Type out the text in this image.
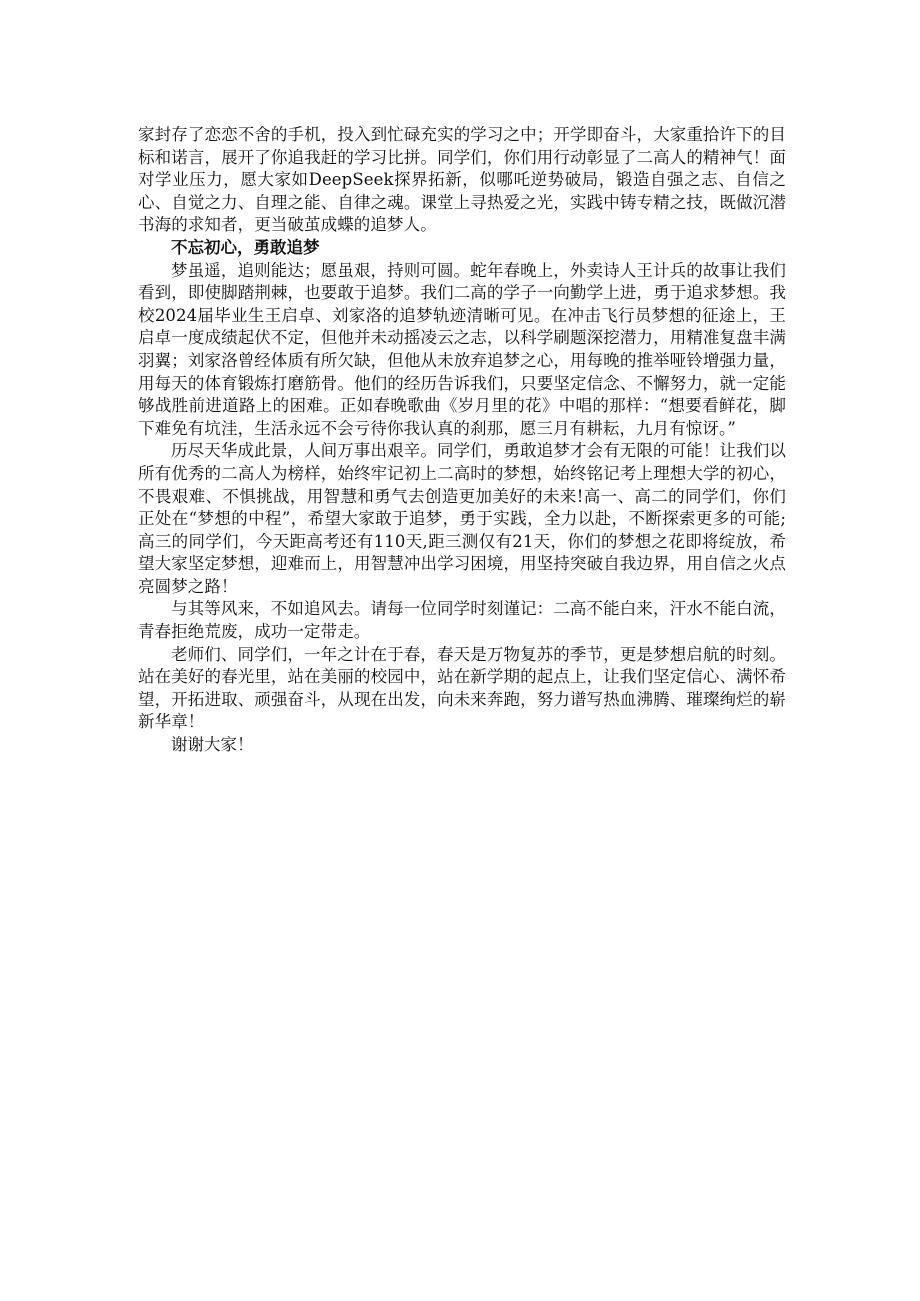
家封存了恋恋不舍的手机，投入到忙碌充实的学习之中；开学即奋斗，大家重拾许下的目标和诺言，展开了你追我赶的学习比拼。同学们，你们用行动彰显了二高人的精神气！面对学业压力，愿大家如DeepSeek探界拓新，似哪吒逆势破局，锻造自强之志、自信之心、自觉之力、自理之能、自律之魂。课堂上寻热爱之光，实践中铸专精之技，既做沉潜书海的求知者，更当破茧成蝶的追梦人。

不忘初心，勇敢追梦

梦虽遥，追则能达；愿虽艰，持则可圆。蛇年春晚上，外卖诗人王计兵的故事让我们看到，即使脚踏荆棘，也要敢于追梦。我们二高的学子一向勤学上进，勇于追求梦想。我校2024届毕业生王启卓、刘家洛的追梦轨迹清晰可见。在冲击飞行员梦想的征途上，王启卓一度成绩起伏不定，但他并未动摇凌云之志，以科学刷题深挖潜力，用精准复盘丰满羽翼；刘家洛曾经体质有所欠缺，但他从未放弃追梦之心，用每晚的推举哑铃增强力量，用每天的体育锻炼打磨筋骨。他们的经历告诉我们，只要坚定信念、不懈努力，就一定能够战胜前进道路上的困难。正如春晚歌曲《岁月里的花》中唱的那样：“想要看鲜花，脚下难免有坑洼，生活永远不会亏待你我认真的刹那，愿三月有耕耘，九月有惊讶。”

历尽天华成此景，人间万事出艰辛。同学们，勇敢追梦才会有无限的可能！让我们以所有优秀的二高人为榜样，始终牢记初上二高时的梦想，始终铭记考上理想大学的初心，不畏艰难、不惧挑战，用智慧和勇气去创造更加美好的未来!高一、高二的同学们，你们正处在“梦想的中程”，希望大家敢于追梦，勇于实践，全力以赴，不断探索更多的可能;高三的同学们，今天距高考还有110天,距三测仅有21天，你们的梦想之花即将绽放，希望大家坚定梦想，迎难而上，用智慧冲出学习困境，用坚持突破自我边界，用自信之火点亮圆梦之路！

与其等风来，不如追风去。请每一位同学时刻谨记：二高不能白来，汗水不能白流，青春拒绝荒废，成功一定带走。

老师们、同学们，一年之计在于春，春天是万物复苏的季节，更是梦想启航的时刻。站在美好的春光里，站在美丽的校园中，站在新学期的起点上，让我们坚定信心、满怀希望，开拓进取、顽强奋斗，从现在出发，向未来奔跑，努力谱写热血沸腾、璀璨绚烂的崭新华章！

谢谢大家！
